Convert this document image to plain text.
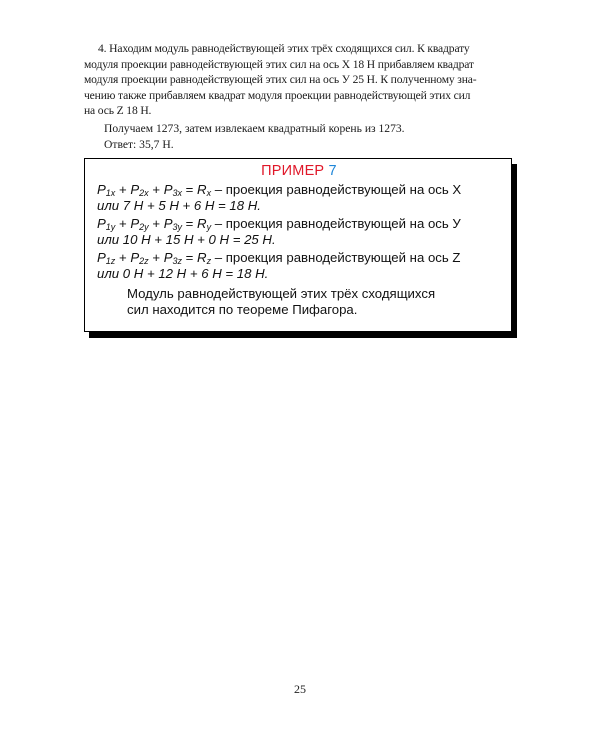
4. Находим модуль равнодействующей этих трёх сходящихся сил. К квадрату
модуля проекции равнодействующей этих сил на ось X 18 Н прибавляем квадрат
модуля проекции равнодействующей этих сил на ось У 25 Н. К полученному зна-
чению также прибавляем квадрат модуля проекции равнодействующей этих сил
на ось Z 18 Н.

Получаем 1273, затем извлекаем квадратный корень из 1273.

Ответ: 35,7 Н.

ПРИМЕР 7
$P_{1x} + P_{2x} + P_{3x} = R_x$ – проекция равнодействующей на ось X
или 7 Н + 5 Н + 6 Н = 18 Н.
$P_{1y} + P_{2y} + P_{3y} = R_y$ – проекция равнодействующей на ось У
или 10 Н + 15 Н + 0 Н = 25 Н.
$P_{1z} + P_{2z} + P_{3z} = R_z$ – проекция равнодействующей на ось Z
или 0 Н + 12 Н + 6 Н = 18 Н.
Модуль равнодействующей этих трёх сходящихся
сил находится по теореме Пифагора.
25
